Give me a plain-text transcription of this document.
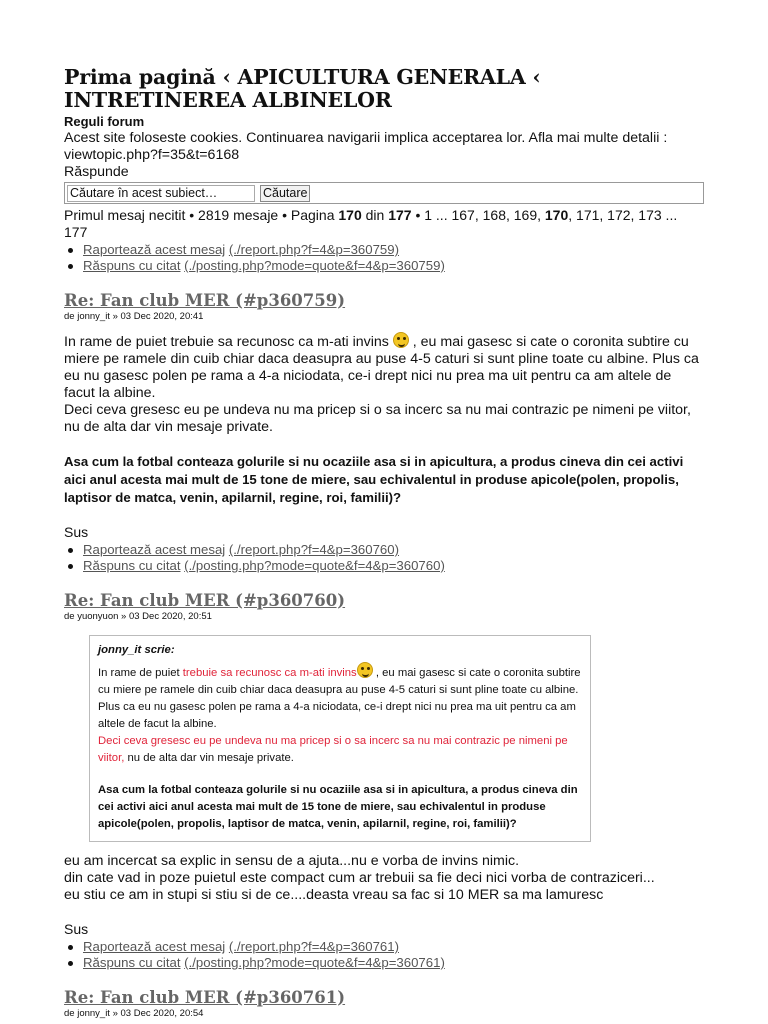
Prima pagină ‹ APICULTURA GENERALA ‹ INTRETINEREA ALBINELOR
Reguli forum
Acest site foloseste cookies. Continuarea navigarii implica acceptarea lor. Afla mai multe detalii : viewtopic.php?f=35&t=6168
Răspunde
Căutare în acest subiect…	Căutare
Primul mesaj necitit • 2819 mesaje • Pagina 170 din 177 • 1 ... 167, 168, 169, 170, 171, 172, 173 ... 177
Raportează acest mesaj (./report.php?f=4&p=360759)
Răspuns cu citat (./posting.php?mode=quote&f=4&p=360759)
Re: Fan club MER (#p360759)
de jonny_it » 03 Dec 2020, 20:41
In rame de puiet trebuie sa recunosc ca m-ati invins  , eu mai gasesc si cate o coronita subtire cu miere pe ramele din cuib chiar daca deasupra au puse 4-5 caturi si sunt pline toate cu albine. Plus ca eu nu gasesc polen pe rama a 4-a niciodata, ce-i drept nici nu prea ma uit pentru ca am altele de facut la albine.
Deci ceva gresesc eu pe undeva nu ma pricep si o sa incerc sa nu mai contrazic pe nimeni pe viitor, nu de alta dar vin mesaje private.
Asa cum la fotbal conteaza golurile si nu ocaziile asa si in apicultura, a produs cineva din cei activi aici anul acesta mai mult de 15 tone de miere, sau echivalentul in produse apicole(polen, propolis, laptisor de matca, venin, apilarnil, regine, roi, familii)?
Sus
Raportează acest mesaj (./report.php?f=4&p=360760)
Răspuns cu citat (./posting.php?mode=quote&f=4&p=360760)
Re: Fan club MER (#p360760)
de yuonyuon » 03 Dec 2020, 20:51
jonny_it scrie:
In rame de puiet trebuie sa recunosc ca m-ati invins , eu mai gasesc si cate o coronita subtire cu miere pe ramele din cuib chiar daca deasupra au puse 4-5 caturi si sunt pline toate cu albine. Plus ca eu nu gasesc polen pe rama a 4-a niciodata, ce-i drept nici nu prea ma uit pentru ca am altele de facut la albine.
Deci ceva gresesc eu pe undeva nu ma pricep si o sa incerc sa nu mai contrazic pe nimeni pe viitor, nu de alta dar vin mesaje private.
Asa cum la fotbal conteaza golurile si nu ocaziile asa si in apicultura, a produs cineva din cei activi aici anul acesta mai mult de 15 tone de miere, sau echivalentul in produse apicole(polen, propolis, laptisor de matca, venin, apilarnil, regine, roi, familii)?
eu am incercat sa explic in sensu de a ajuta...nu e vorba de invins nimic.
din cate vad in poze puietul este compact cum ar trebuii sa fie deci nici vorba de contraziceri...
eu stiu ce am in stupi si stiu si de ce....deasta vreau sa fac si 10 MER sa ma lamuresc
Sus
Raportează acest mesaj (./report.php?f=4&p=360761)
Răspuns cu citat (./posting.php?mode=quote&f=4&p=360761)
Re: Fan club MER (#p360761)
de jonny_it » 03 Dec 2020, 20:54
